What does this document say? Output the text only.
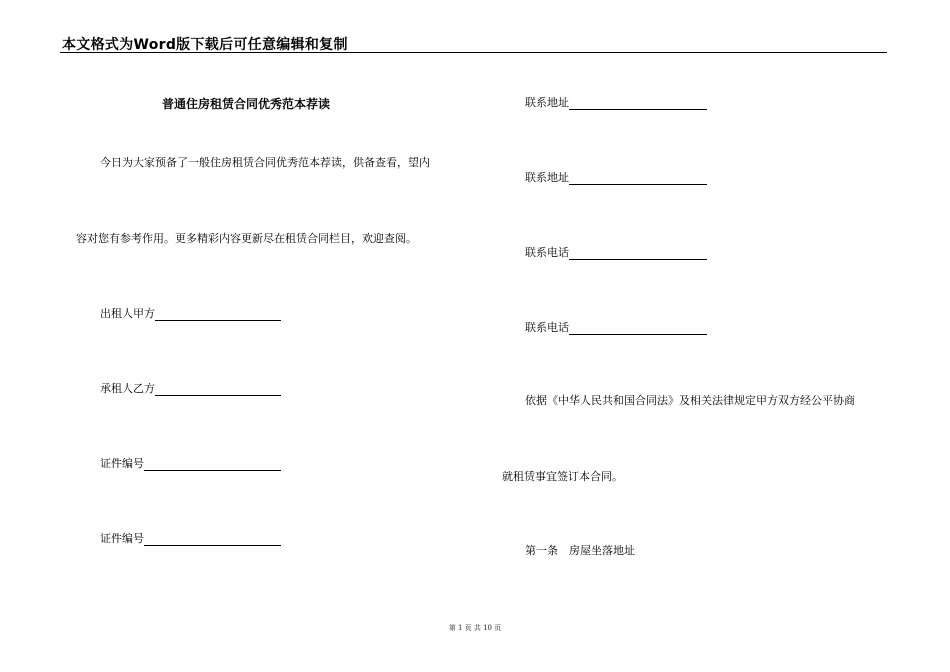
本文格式为Word版下载后可任意编辑和复制
普通住房租赁合同优秀范本荐读
今日为大家预备了一般住房租赁合同优秀范本荐读，供备查看，望内
容对您有参考作用。更多精彩内容更新尽在租赁合同栏目，欢迎查阅。
出租人甲方
承租人乙方
证件编号
证件编号
联系地址
联系地址
联系电话
联系电话
依据《中华人民共和国合同法》及相关法律规定甲方双方经公平协商
就租赁事宜签订本合同。
第一条　房屋坐落地址
第 1 页 共 10 页
